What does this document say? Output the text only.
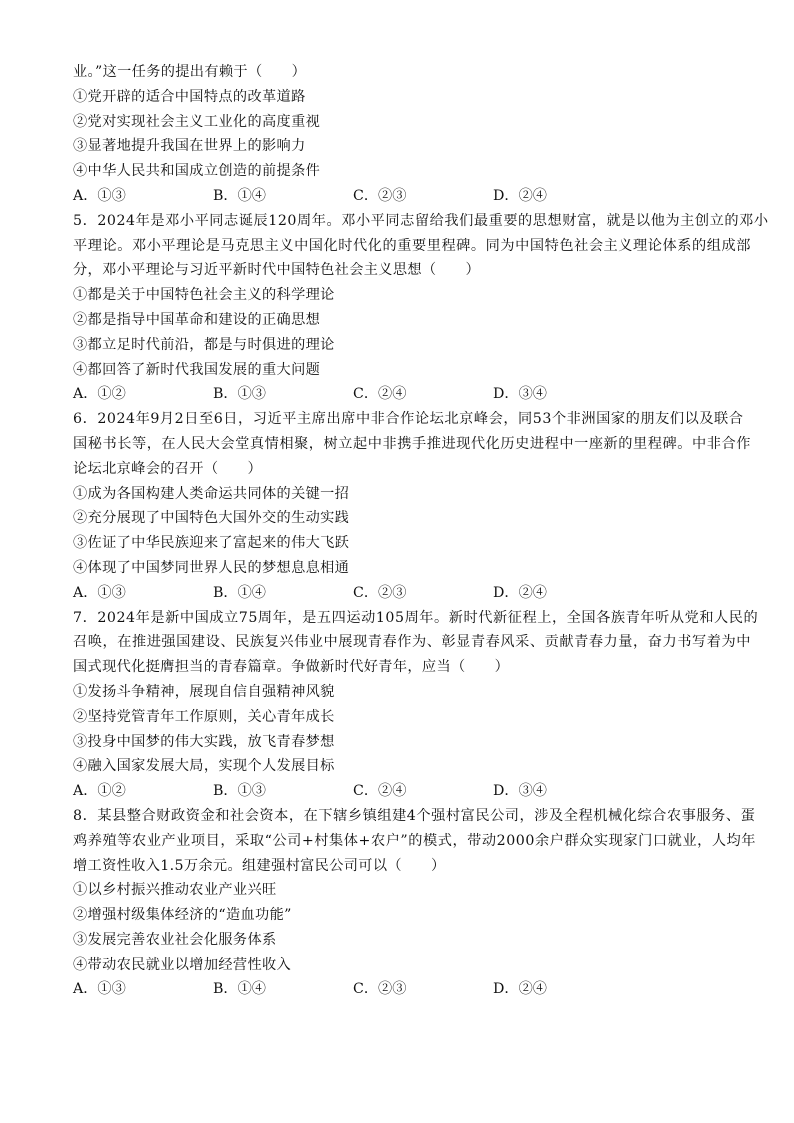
业。”这一任务的提出有赖于（　　）
①党开辟的适合中国特点的改革道路
②党对实现社会主义工业化的高度重视
③显著地提升我国在世界上的影响力
④中华人民共和国成立创造的前提条件
A．①③	B．①④	C．②③	D．②④
5．2024年是邓小平同志诞辰120周年。邓小平同志留给我们最重要的思想财富，就是以他为主创立的邓小
平理论。邓小平理论是马克思主义中国化时代化的重要里程碑。同为中国特色社会主义理论体系的组成部
分，邓小平理论与习近平新时代中国特色社会主义思想（　　）
①都是关于中国特色社会主义的科学理论
②都是指导中国革命和建设的正确思想
③都立足时代前沿，都是与时俱进的理论
④都回答了新时代我国发展的重大问题
A．①②	B．①③	C．②④	D．③④
6．2024年9月2日至6日，习近平主席出席中非合作论坛北京峰会，同53个非洲国家的朋友们以及联合
国秘书长等，在人民大会堂真情相聚，树立起中非携手推进现代化历史进程中一座新的里程碑。中非合作
论坛北京峰会的召开（　　）
①成为各国构建人类命运共同体的关键一招
②充分展现了中国特色大国外交的生动实践
③佐证了中华民族迎来了富起来的伟大飞跃
④体现了中国梦同世界人民的梦想息息相通
A．①③	B．①④	C．②③	D．②④
7．2024年是新中国成立75周年，是五四运动105周年。新时代新征程上，全国各族青年听从党和人民的
召唤，在推进强国建设、民族复兴伟业中展现青春作为、彰显青春风采、贡献青春力量，奋力书写着为中
国式现代化挺膺担当的青春篇章。争做新时代好青年，应当（　　）
①发扬斗争精神，展现自信自强精神风貌
②坚持党管青年工作原则，关心青年成长
③投身中国梦的伟大实践，放飞青春梦想
④融入国家发展大局，实现个人发展目标
A．①②	B．①③	C．②④	D．③④
8．某县整合财政资金和社会资本，在下辖乡镇组建4个强村富民公司，涉及全程机械化综合农事服务、蛋
鸡养殖等农业产业项目，采取“公司+村集体+农户”的模式，带动2000余户群众实现家门口就业，人均年
增工资性收入1.5万余元。组建强村富民公司可以（　　）
①以乡村振兴推动农业产业兴旺
②增强村级集体经济的“造血功能”
③发展完善农业社会化服务体系
④带动农民就业以增加经营性收入
A．①③	B．①④	C．②③	D．②④
